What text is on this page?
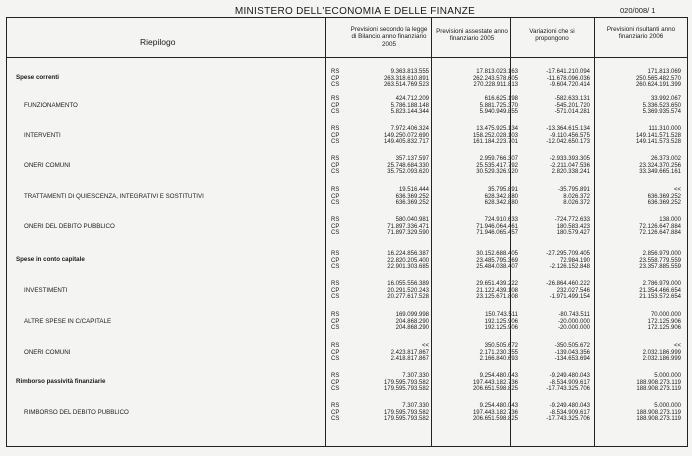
MINISTERO DELL'ECONOMIA E DELLE FINANZE	020/008/ 1
Riepilogo
Previsioni secondo la legge di Bilancio anno finanziario 2005
Previsioni assestate anno finanziario 2005
Variazioni che si propongono
Previsioni risultanti anno finanziario 2006
Spese correnti
RS
CP
CS
9.363.813.555
263.318.610.891
263.514.769.523
17.813.023.163
262.243.578.605
270.228.911.813
-17.641.210.094
-11.678.096.036
-9.604.720.414
171.813.069
250.565.482.570
260.624.191.399
FUNZIONAMENTO
RS
CP
CS
424.712.209
5.786.188.148
5.823.144.344
616.625.198
5.881.725.370
5.940.949.855
-582.633.131
-545.201.720
-571.014.281
33.992.067
5.336.523.650
5.369.935.574
INTERVENTI
RS
CP
CS
7.972.406.324
149.250.072.690
149.405.832.717
13.475.925.134
158.252.028.103
161.184.223.701
-13.364.615.134
-9.110.456.575
-12.042.650.173
111.310.000
149.141.571.528
149.141.573.528
ONERI COMUNI
RS
CP
CS
357.137.597
25.748.684.330
35.752.093.620
2.959.766.307
25.535.417.792
30.529.326.920
-2.933.393.305
-2.211.047.536
2.820.338.241
26.373.002
23.324.370.256
33.349.665.161
TRATTAMENTI DI QUIESCENZA, INTEGRATIVI E SOSTITUTIVI
RS
CP
CS
19.516.444
636.369.252
636.369.252
35.795.891
628.342.880
628.342.880
-35.795.891
8.026.372
8.026.372
<<
636.369.252
636.369.252
ONERI DEL DEBITO PUBBLICO
RS
CP
CS
580.040.981
71.897.336.471
71.897.329.590
724.910.633
71.946.064.461
71.946.065.457
-724.772.633
180.583.423
180.579.427
138.000
72.126.647.884
72.126.647.884
Spese in conto capitale
RS
CP
CS
16.224.856.387
22.820.205.400
22.901.303.685
30.152.688.405
23.485.795.369
25.484.038.407
-27.295.709.405
72.984.190
-2.126.152.848
2.856.979.000
23.558.779.559
23.357.885.559
INVESTIMENTI
RS
CP
CS
16.055.556.389
20.291.520.243
20.277.617.528
29.651.439.222
21.122.439.108
23.125.671.808
-26.864.460.222
232.027.546
-1.971.499.154
2.786.979.000
21.354.466.654
21.153.572.654
ALTRE SPESE IN C/CAPITALE
RS
CP
CS
169.099.998
204.868.290
204.868.290
150.743.511
192.125.906
192.125.906
-80.743.511
-20.000.000
-20.000.000
70.000.000
172.125.906
172.125.906
ONERI COMUNI
RS
CP
CS
<<
2.423.817.867
2.418.817.867
350.505.672
2.171.230.355
2.166.840.693
-350.505.672
-139.043.356
-134.653.694
<<
2.032.186.999
2.032.186.999
Rimborso passività finanziarie
RS
CP
CS
7.307.330
179.595.793.582
179.595.793.582
9.254.480.043
197.443.182.736
206.651.598.825
-9.249.480.043
-8.534.909.617
-17.743.325.706
5.000.000
188.908.273.119
188.908.273.119
RIMBORSO DEL DEBITO PUBBLICO
RS
CP
CS
7.307.330
179.595.793.582
179.595.793.582
9.254.480.043
197.443.182.736
206.651.598.825
-9.249.480.043
-8.534.909.617
-17.743.325.706
5.000.000
188.908.273.119
188.908.273.119
